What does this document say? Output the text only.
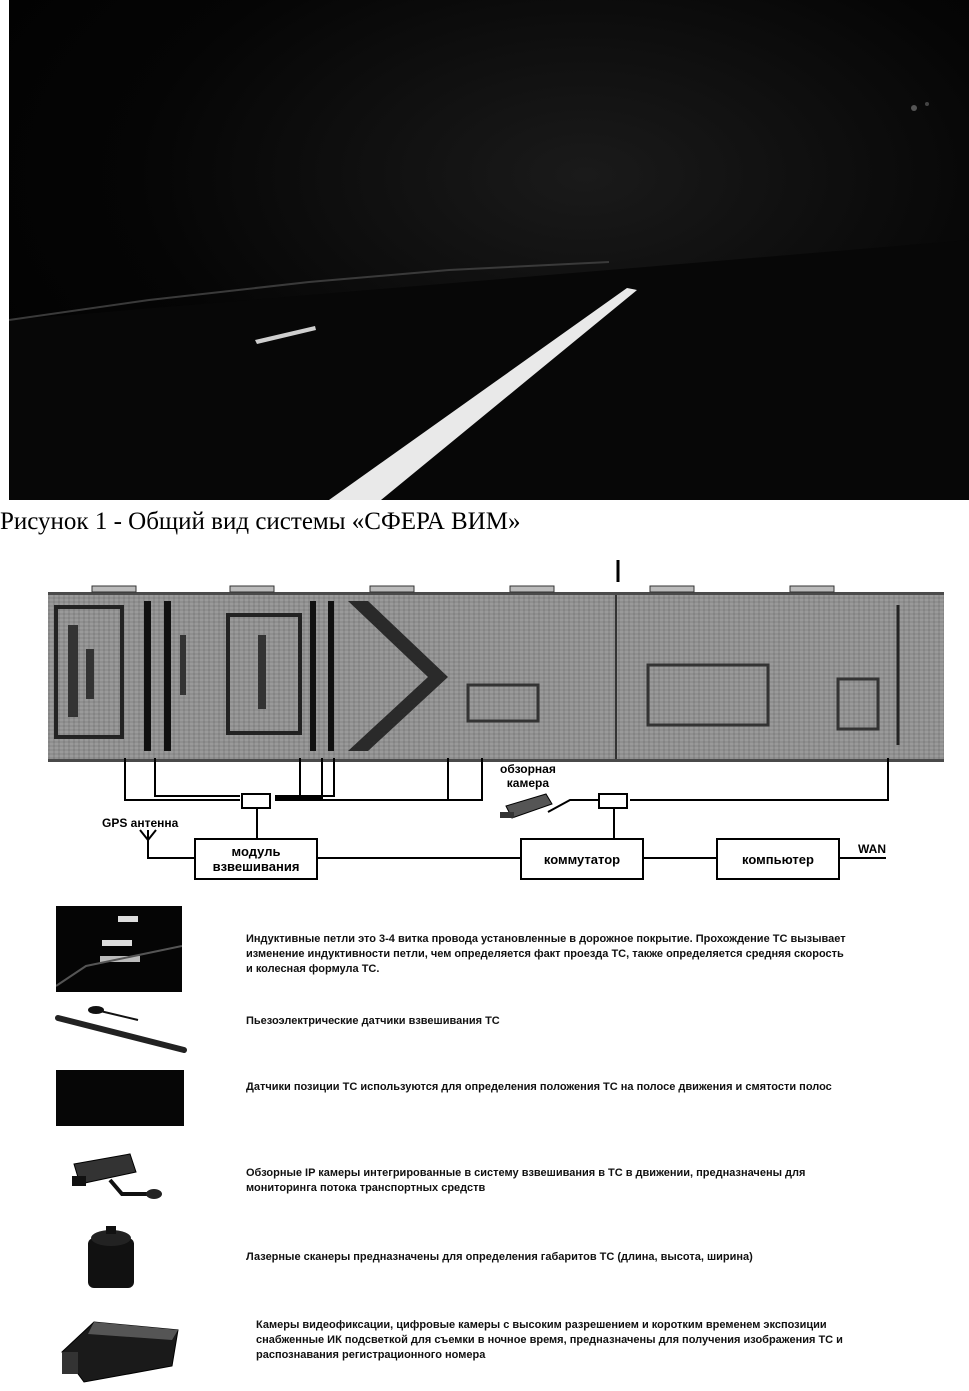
Рисунок 1 - Общий вид системы «СФЕРА ВИМ»
обзорная
камера
GPS антенна
модуль
взвешивания	коммутатор	компьютер
WAN
Индуктивные петли это 3-4 витка провода установленные в дорожное покрытие. Прохождение ТС вызывает изменение индуктивности петли, чем определяется факт проезда ТС, также определяется средняя скорость и колесная формула ТС.
Пьезоэлектрические датчики взвешивания ТС
Датчики позиции ТС используются для определения положения ТС на полосе движения и смятости полос
Обзорные IP камеры интегрированные в систему взвешивания в ТС в движении, предназначены для мониторинга потока транспортных средств
Лазерные сканеры предназначены для определения габаритов ТС (длина, высота, ширина)
Камеры видеофиксации, цифровые камеры с высоким разрешением и коротким временем экспозиции снабженные ИК подсветкой для съемки в ночное время, предназначены для получения изображения ТС и распознавания регистрационного номера
